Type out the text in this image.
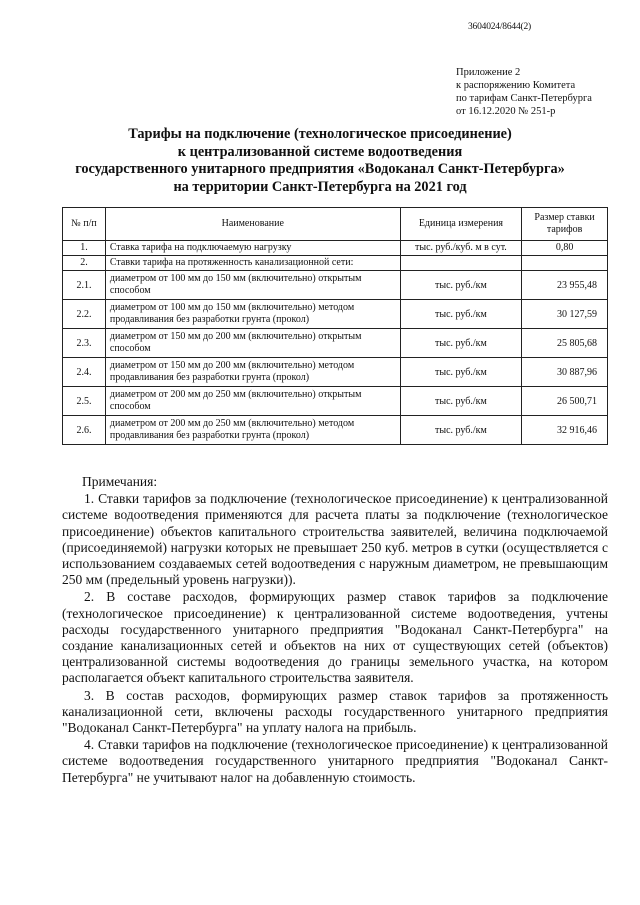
3604024/8644(2)
Приложение 2
к распоряжению Комитета
по тарифам Санкт-Петербурга
от 16.12.2020 № 251-р
Тарифы на подключение (технологическое присоединение)
к централизованной системе водоотведения
государственного унитарного предприятия «Водоканал Санкт-Петербурга»
на территории Санкт-Петербурга на 2021 год
№ п/п	Наименование	Единица измерения	Размер ставки тарифов
1.	Ставка тарифа на подключаемую нагрузку	тыс. руб./куб. м в сут.	0,80
2.	Ставки тарифа на протяженность канализационной сети:		
2.1.	диаметром от 100 мм до 150 мм (включительно) открытым способом	тыс. руб./км	23 955,48
2.2.	диаметром от 100 мм до 150 мм (включительно) методом продавливания без разработки грунта (прокол)	тыс. руб./км	30 127,59
2.3.	диаметром от 150 мм до 200 мм (включительно) открытым способом	тыс. руб./км	25 805,68
2.4.	диаметром от 150 мм до 200 мм (включительно) методом продавливания без разработки грунта (прокол)	тыс. руб./км	30 887,96
2.5.	диаметром от 200 мм до 250 мм (включительно) открытым способом	тыс. руб./км	26 500,71
2.6.	диаметром от 200 мм до 250 мм (включительно) методом продавливания без разработки грунта (прокол)	тыс. руб./км	32 916,46
Примечания:

1. Ставки тарифов за подключение (технологическое присоединение) к централизованной системе водоотведения применяются для расчета платы за подключение (технологическое присоединение) объектов капитального строительства заявителей, величина подключаемой (присоединяемой) нагрузки которых не превышает 250 куб. метров в сутки (осуществляется с использованием создаваемых сетей водоотведения с наружным диаметром, не превышающим 250 мм (предельный уровень нагрузки)).

2. В составе расходов, формирующих размер ставок тарифов за подключение (технологическое присоединение) к централизованной системе водоотведения, учтены расходы государственного унитарного предприятия "Водоканал Санкт-Петербурга" на создание канализационных сетей и объектов на них от существующих сетей (объектов) централизованной системы водоотведения до границы земельного участка, на котором располагается объект капитального строительства заявителя.

3. В состав расходов, формирующих размер ставок тарифов за протяженность канализационной сети, включены расходы государственного унитарного предприятия "Водоканал Санкт-Петербурга" на уплату налога на прибыль.

4. Ставки тарифов на подключение (технологическое присоединение) к централизованной системе водоотведения государственного унитарного предприятия "Водоканал Санкт-Петербурга" не учитывают налог на добавленную стоимость.
